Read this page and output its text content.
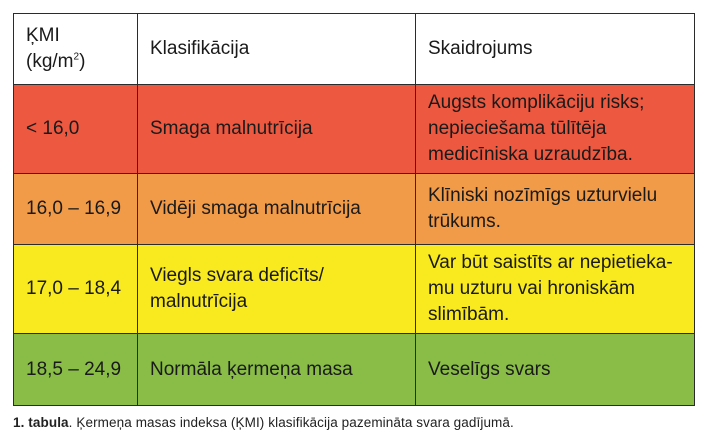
ĶMI
$(kg/m^2)$	Klasifikācija	Skaidrojums
< 16,0	Smaga malnutrīcija	Augsts komplikāciju risks;
nepieciešama tūlītēja
medicīniska uzraudzība.

16,0 – 16,9	Vidēji smaga malnutrīcija	Klīniski nozīmīgs uzturvielu
trūkums.

17,0 – 18,4	Viegls svara deficīts/
malnutrīcija	Var būt saistīts ar nepietieka-
mu uzturu vai hroniskām
slimībām.

18,5 – 24,9	Normāla ķermeņa masa	Veselīgs svars
1. tabula. Ķermeņa masas indeksa (ĶMI) klasifikācija pazemināta svara gadījumā.
